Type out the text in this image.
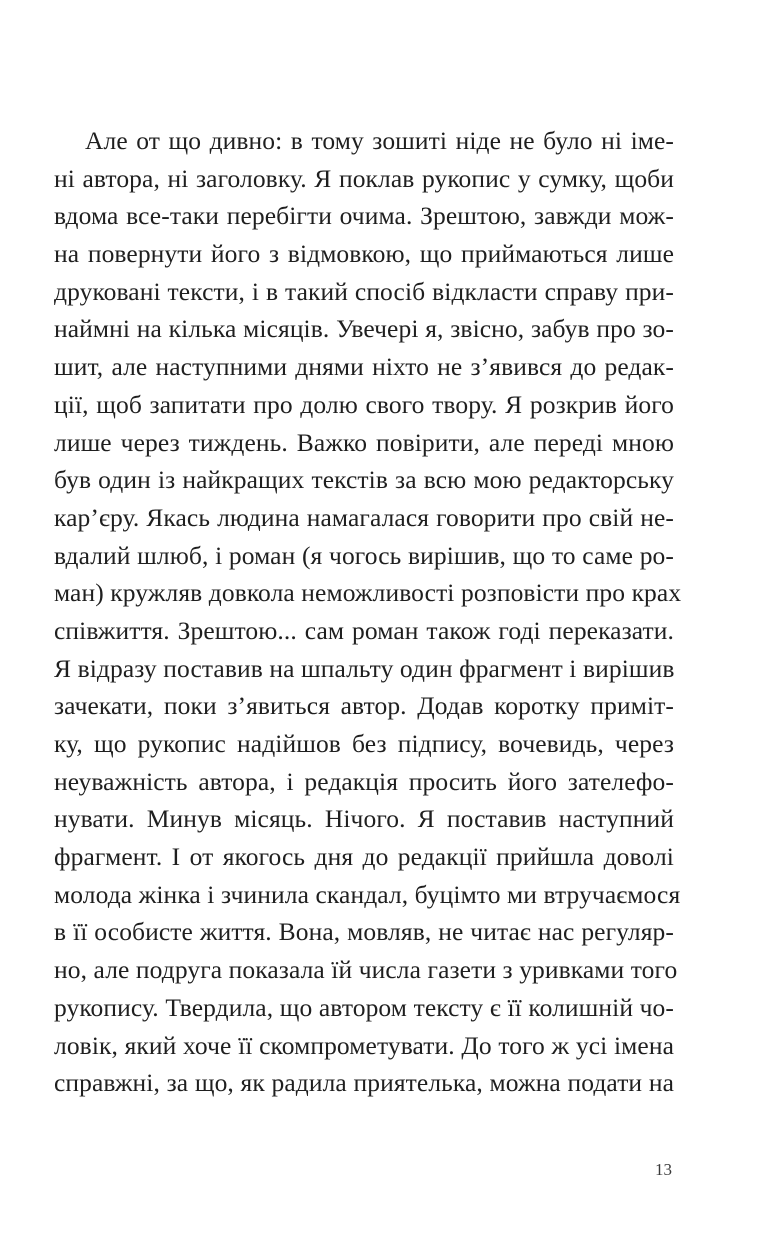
Але от що дивно: в тому зошиті ніде не було ні іме-
ні автора, ні заголовку. Я поклав рукопис у сумку, щоби
вдома все-таки перебігти очима. Зрештою, завжди мож-
на повернути його з відмовкою, що приймаються лише
друковані тексти, і в такий спосіб відкласти справу при-
наймні на кілька місяців. Увечері я, звісно, забув про зо-
шит, але наступними днями ніхто не з’явився до редак-
ції, щоб запитати про долю свого твору. Я розкрив його
лише через тиждень. Важко повірити, але переді мною
був один із найкращих текстів за всю мою редакторську
кар’єру. Якась людина намагалася говорити про свій не-
вдалий шлюб, і роман (я чогось вирішив, що то саме ро-
ман) кружляв довкола неможливості розповісти про крах
співжиття. Зрештою... сам роман також годі переказати.
Я відразу поставив на шпальту один фрагмент і вирішив
зачекати, поки з’явиться автор. Додав коротку приміт-
ку, що рукопис надійшов без підпису, вочевидь, через
неуважність автора, і редакція просить його зателефо-
нувати. Минув місяць. Нічого. Я поставив наступний
фрагмент. І от якогось дня до редакції прийшла доволі
молода жінка і зчинила скандал, буцімто ми втручаємося
в її особисте життя. Вона, мовляв, не читає нас регуляр-
но, але подруга показала їй числа газети з уривками того
рукопису. Твердила, що автором тексту є її колишній чо-
ловік, який хоче її скомпрометувати. До того ж усі імена
справжні, за що, як радила приятелька, можна подати на
13
